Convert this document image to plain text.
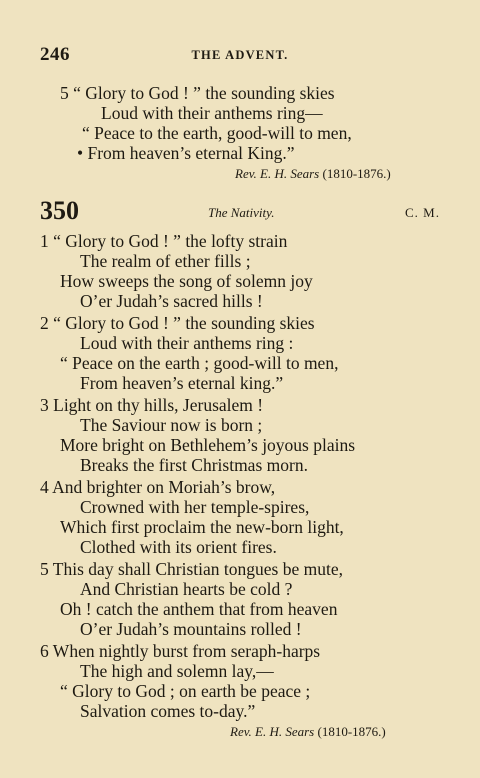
246	THE ADVENT.
5 “ Glory to God ! ” the sounding skies
Loud with their anthems ring—
“ Peace to the earth, good-will to men,
• From heaven’s eternal King.”
Rev. E. H. Sears (1810-1876.)
350	The Nativity.	C. M.
1 “ Glory to God ! ” the lofty strain
The realm of ether fills ;
How sweeps the song of solemn joy
O’er Judah’s sacred hills !
2 “ Glory to God ! ” the sounding skies
Loud with their anthems ring :
“ Peace on the earth ; good-will to men,
From heaven’s eternal king.”
3 Light on thy hills, Jerusalem !
The Saviour now is born ;
More bright on Bethlehem’s joyous plains
Breaks the first Christmas morn.
4 And brighter on Moriah’s brow,
Crowned with her temple-spires,
Which first proclaim the new-born light,
Clothed with its orient fires.
5 This day shall Christian tongues be mute,
And Christian hearts be cold ?
Oh ! catch the anthem that from heaven
O’er Judah’s mountains rolled !
6 When nightly burst from seraph-harps
The high and solemn lay,—
“ Glory to God ; on earth be peace ;
Salvation comes to-day.”
Rev. E. H. Sears (1810-1876.)
